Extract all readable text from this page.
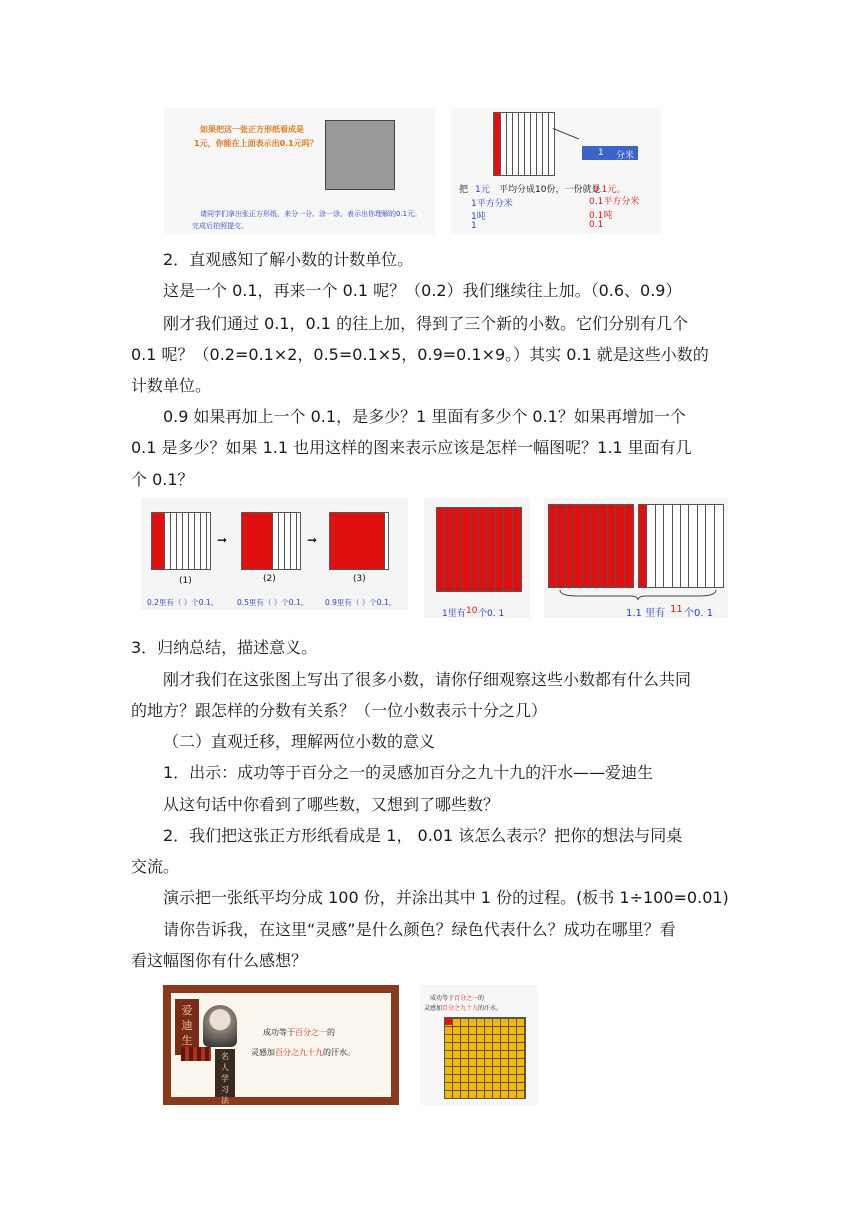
如果把这一张正方形纸看成是
1元，你能在上面表示出0.1元吗？
请同学们拿出张正方形纸，来分一分、涂一涂，表示出你理解的0.1元。
完成后拍照提交。
1 分米
把 1元 平均分成10份，一份就是
0.1元。
1平方分米
1吨
1
0.1平方分米
0.1吨
0.1
2．直观感知了解小数的计数单位。
这是一个 0.1，再来一个 0.1 呢？（0.2）我们继续往上加。（0.6、0.9）
刚才我们通过 0.1，0.1 的往上加，得到了三个新的小数。它们分别有几个
0.1 呢？（0.2=0.1×2，0.5=0.1×5，0.9=0.1×9。）其实 0.1 就是这些小数的
计数单位。
0.9 如果再加上一个 0.1，是多少？1 里面有多少个 0.1？如果再增加一个
0.1 是多少？如果 1.1 也用这样的图来表示应该是怎样一幅图呢？1.1 里面有几
个 0.1？
➞	➞
(1)	(2)	(3)
0.2里有（ ）个0.1。	0.5里有（ ）个0.1。 0.9里有（ ）个0.1。
1里有 10 个0. 1	1.1 里有 11 个0. 1
3．归纳总结，描述意义。
刚才我们在这张图上写出了很多小数，请你仔细观察这些小数都有什么共同
的地方？跟怎样的分数有关系？（一位小数表示十分之几）
（二）直观迁移，理解两位小数的意义
1．出示：成功等于百分之一的灵感加百分之九十九的汗水——爱迪生
从这句话中你看到了哪些数，又想到了哪些数？
2．我们把这张正方形纸看成是 1， 0.01 该怎么表示？把你的想法与同桌
交流。
演示把一张纸平均分成 100 份，并涂出其中 1 份的过程。(板书 1÷100=0.01)
请你告诉我，在这里“灵感”是什么颜色？绿色代表什么？成功在哪里？看
看这幅图你有什么感想？
爱迪生
名人学习法
成功等于百分之一的
灵感加百分之九十九的汗水。
成功等于百分之一的
灵感加百分之九十九的汗水。
